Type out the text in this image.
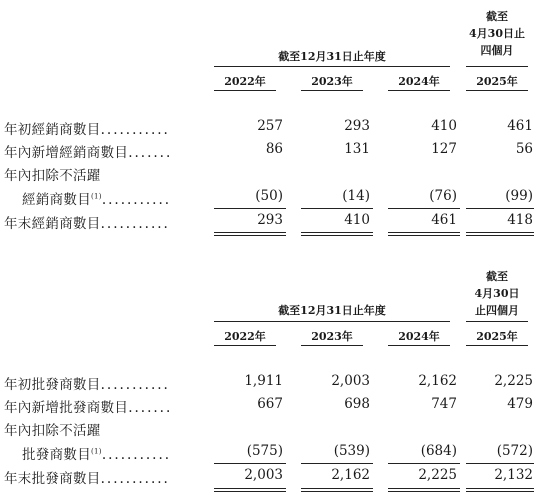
截至
4月30日止
四個月
截至12月31日止年度
2022年	2023年	2024年	2025年
年初經銷商數目...........	257	293	410	461
年內新增經銷商數目.......	86	131	127	56
年內扣除不活躍
經銷商數目$^{(1)}$...........	(50)	(14)	(76)	(99)
年末經銷商數目...........	293	410	461	418
截至
4月30日
止四個月
截至12月31日止年度
2022年	2023年	2024年	2025年
年初批發商數目...........	1,911	2,003	2,162	2,225
年內新增批發商數目.......	667	698	747	479
年內扣除不活躍
批發商數目$^{(1)}$...........	(575)	(539)	(684)	(572)
年末批發商數目...........	2,003	2,162	2,225	2,132
